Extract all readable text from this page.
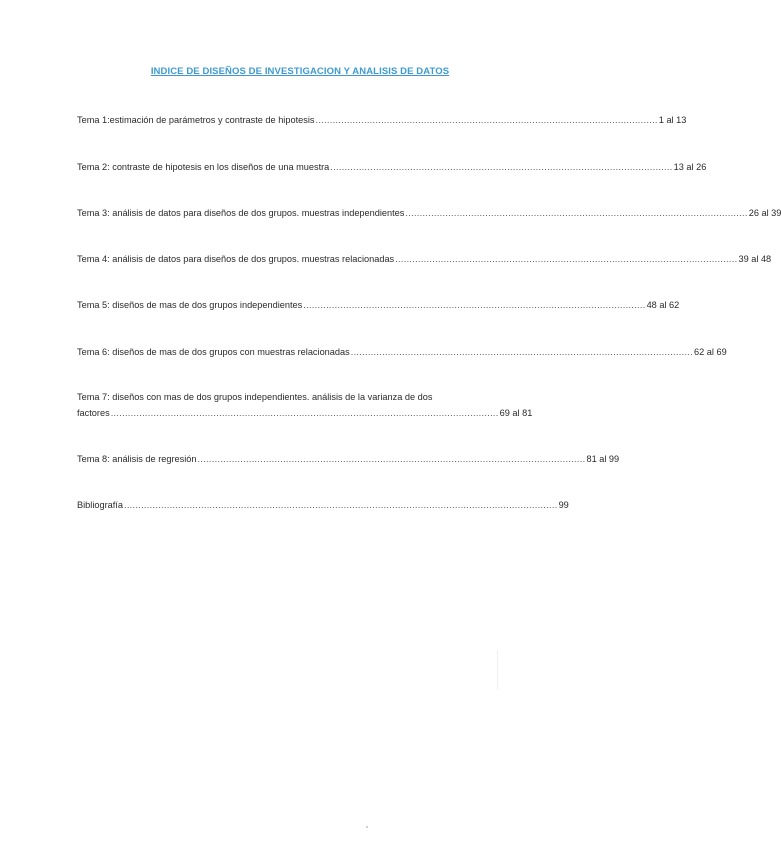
INDICE DE DISEÑOS DE INVESTIGACION Y ANALISIS DE DATOS
Tema 1:estimación de parámetros y contraste de hipotesis ........................................................................................................................ 1 al 13
Tema 2: contraste de hipotesis en los diseños de una muestra ........................................................................................................................ 13 al 26
Tema 3: análisis de datos para diseños de dos grupos. muestras independientes ........................................................................................................................ 26 al 39
Tema 4: análisis de datos para diseños de dos grupos. muestras relacionadas ........................................................................................................................ 39 al 48
Tema 5: diseños de mas de dos grupos independientes ........................................................................................................................ 48 al 62
Tema 6: diseños de mas de dos grupos con muestras relacionadas ........................................................................................................................ 62 al 69
Tema 7: diseños con mas de dos grupos independientes. análisis de la varianza de dos
factores ........................................................................................................................................ 69 al 81
Tema 8: análisis de regresión ........................................................................................................................................ 81 al 99
Bibliografía ........................................................................................................................................................ 99
